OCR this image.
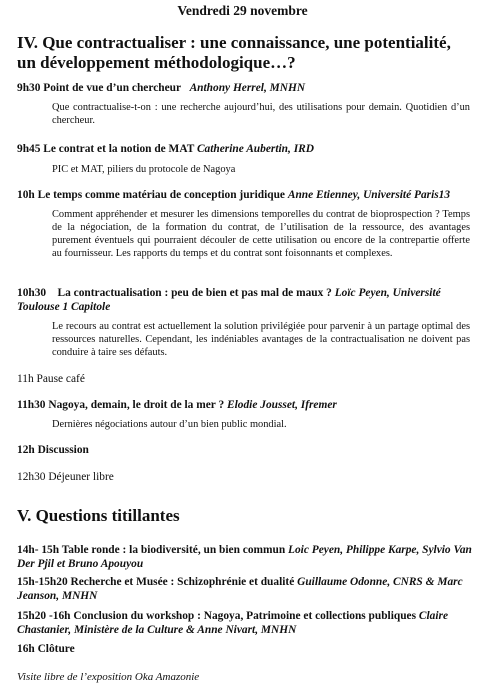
Vendredi 29 novembre
IV. Que contractualiser : une connaissance, une potentialité, un développement méthodologique…?
9h30 Point de vue d’un chercheur Anthony Herrel, MNHN
Que contractualise-t-on : une recherche aujourd’hui, des utilisations pour demain. Quotidien d’un chercheur.
9h45 Le contrat et la notion de MAT Catherine Aubertin, IRD
PIC et MAT, piliers du protocole de Nagoya
10h Le temps comme matériau de conception juridique Anne Etienney, Université Paris13
Comment appréhender et mesurer les dimensions temporelles du contrat de bioprospection ? Temps de la négociation, de la formation du contrat, de l’utilisation de la ressource, des avantages purement éventuels qui pourraient découler de cette utilisation ou encore de la contrepartie offerte au fournisseur. Les rapports du temps et du contrat sont foisonnants et complexes.
10h30 La contractualisation : peu de bien et pas mal de maux ? Loïc Peyen, Université Toulouse 1 Capitole
Le recours au contrat est actuellement la solution privilégiée pour parvenir à un partage optimal des ressources naturelles. Cependant, les indéniables avantages de la contractualisation ne doivent pas conduire à taire ses défauts.
11h Pause café
11h30 Nagoya, demain, le droit de la mer ? Elodie Jousset, Ifremer
Dernières négociations autour d’un bien public mondial.
12h Discussion
12h30 Déjeuner libre
V. Questions titillantes
14h- 15h Table ronde : la biodiversité, un bien commun Loic Peyen, Philippe Karpe, Sylvio Van Der Pjil et Bruno Apouyou
15h-15h20 Recherche et Musée : Schizophrénie et dualité Guillaume Odonne, CNRS & Marc Jeanson, MNHN
15h20 -16h Conclusion du workshop : Nagoya, Patrimoine et collections publiques Claire Chastanier, Ministère de la Culture & Anne Nivart, MNHN
16h Clôture
Visite libre de l’exposition Oka Amazonie
